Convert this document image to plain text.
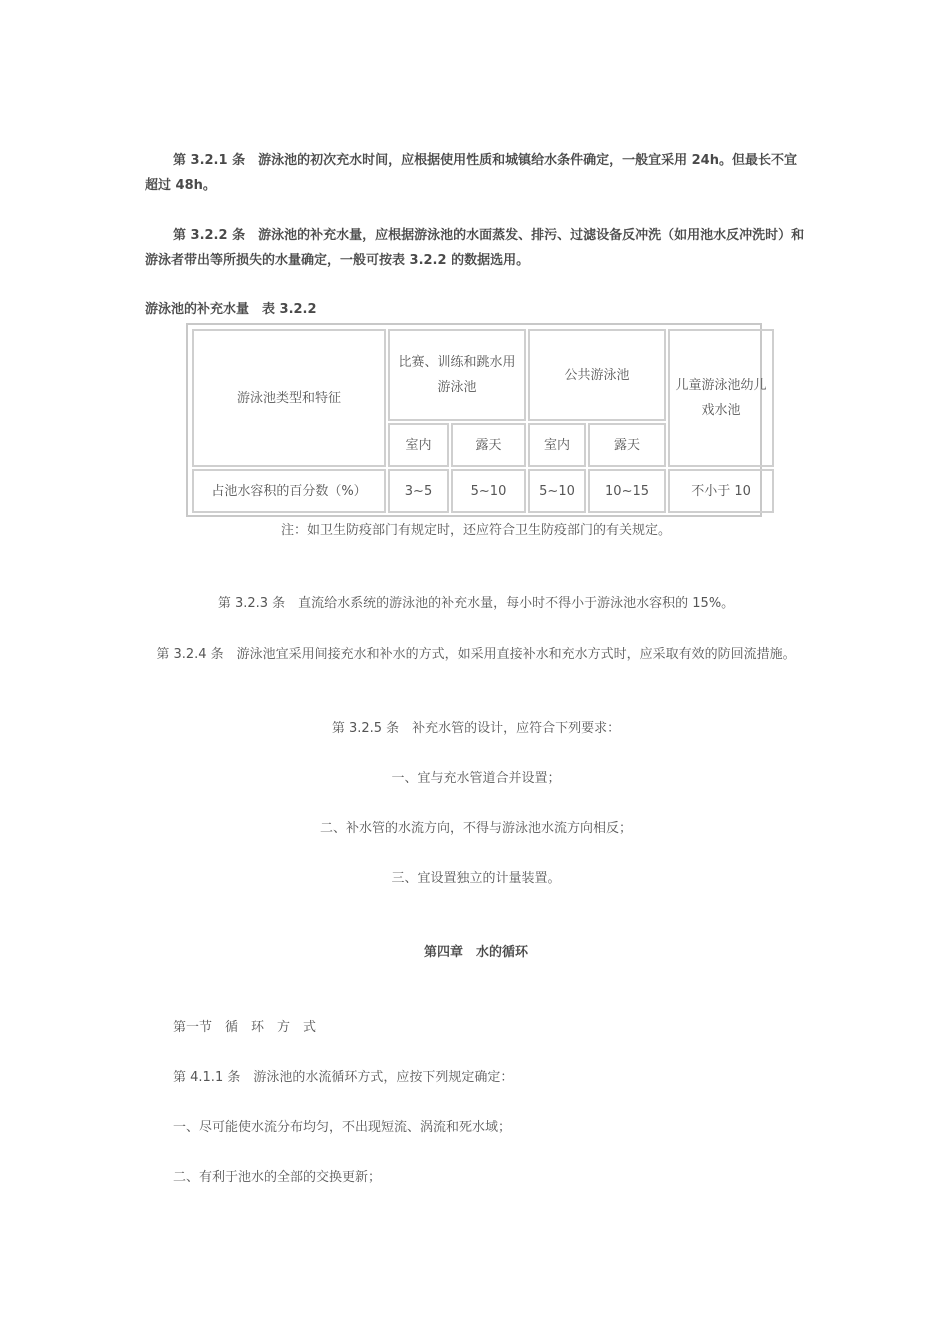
第 3.2.1 条　 游泳池的初次充水时间，应根据使用性质和城镇给水条件确定，一般宜采用 24h。但最长不宜超过 48h。

第 3.2.2 条　 游泳池的补充水量，应根据游泳池的水面蒸发、排污、过滤设备反冲洗（如用池水反冲洗时）和游泳者带出等所损失的水量确定，一般可按表 3.2.2 的数据选用。

游泳池的补充水量　表 3.2.2
游泳池类型和特征	比赛、训练和跳水用游泳池		公共游泳池		儿童游泳池幼儿戏水池
	室内	露天	室内	露天	
占池水容积的百分数（%）	3~5	5~10	5~10	10~15	不小于 10
注：如卫生防疫部门有规定时，还应符合卫生防疫部门的有关规定。

第 3.2.3 条　直流给水系统的游泳池的补充水量，每小时不得小于游泳池水容积的 15%。

第 3.2.4 条　游泳池宜采用间接充水和补水的方式，如采用直接补水和充水方式时，应采取有效的防回流措施。

第 3.2.5 条　补充水管的设计，应符合下列要求：

一、宜与充水管道合并设置；

二、补水管的水流方向，不得与游泳池水流方向相反；

三、宜设置独立的计量装置。

第四章　水的循环

第一节　循　环　方　式

第 4.1.1 条　游泳池的水流循环方式，应按下列规定确定：

一、尽可能使水流分布均匀，不出现短流、涡流和死水域；

二、有利于池水的全部的交换更新；
